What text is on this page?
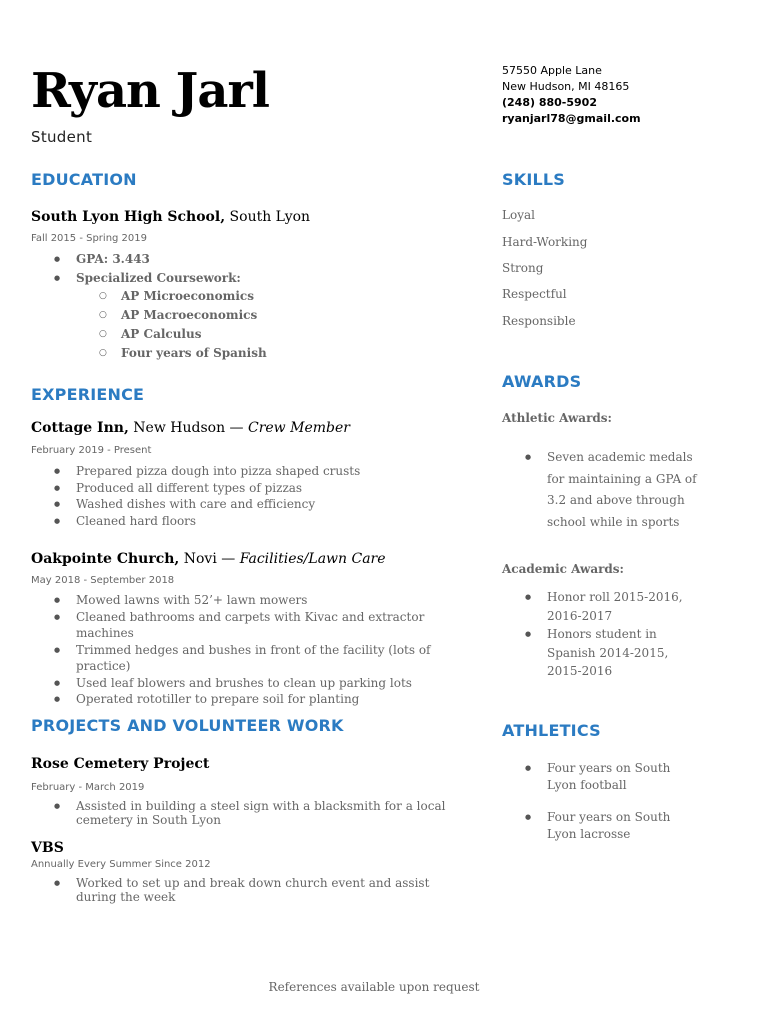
Ryan Jarl
Student
57550 Apple Lane
New Hudson, MI 48165
(248) 880-5902
ryanjarl78@gmail.com
EDUCATION
South Lyon High School, South Lyon
Fall 2015 - Spring 2019
● GPA: 3.443
● Specialized Coursework:
○ AP Microeconomics
○ AP Macroeconomics
○ AP Calculus
○ Four years of Spanish
EXPERIENCE
Cottage Inn, New Hudson — Crew Member
February 2019 - Present
● Prepared pizza dough into pizza shaped crusts
● Produced all different types of pizzas
● Washed dishes with care and efficiency
● Cleaned hard floors
Oakpointe Church, Novi — Facilities/Lawn Care
May 2018 - September 2018
● Mowed lawns with 52’+ lawn mowers
● Cleaned bathrooms and carpets with Kivac and extractor machines
● Trimmed hedges and bushes in front of the facility (lots of practice)
● Used leaf blowers and brushes to clean up parking lots
● Operated rototiller to prepare soil for planting
PROJECTS AND VOLUNTEER WORK
Rose Cemetery Project
February - March 2019
● Assisted in building a steel sign with a blacksmith for a local cemetery in South Lyon
VBS
Annually Every Summer Since 2012
● Worked to set up and break down church event and assist during the week
SKILLS
Loyal
Hard-Working
Strong
Respectful
Responsible
AWARDS
Athletic Awards:
● Seven academic medals for maintaining a GPA of 3.2 and above through school while in sports
Academic Awards:
● Honor roll 2015-2016, 2016-2017
● Honors student in Spanish 2014-2015, 2015-2016
ATHLETICS
● Four years on South Lyon football
● Four years on South Lyon lacrosse
References available upon request
